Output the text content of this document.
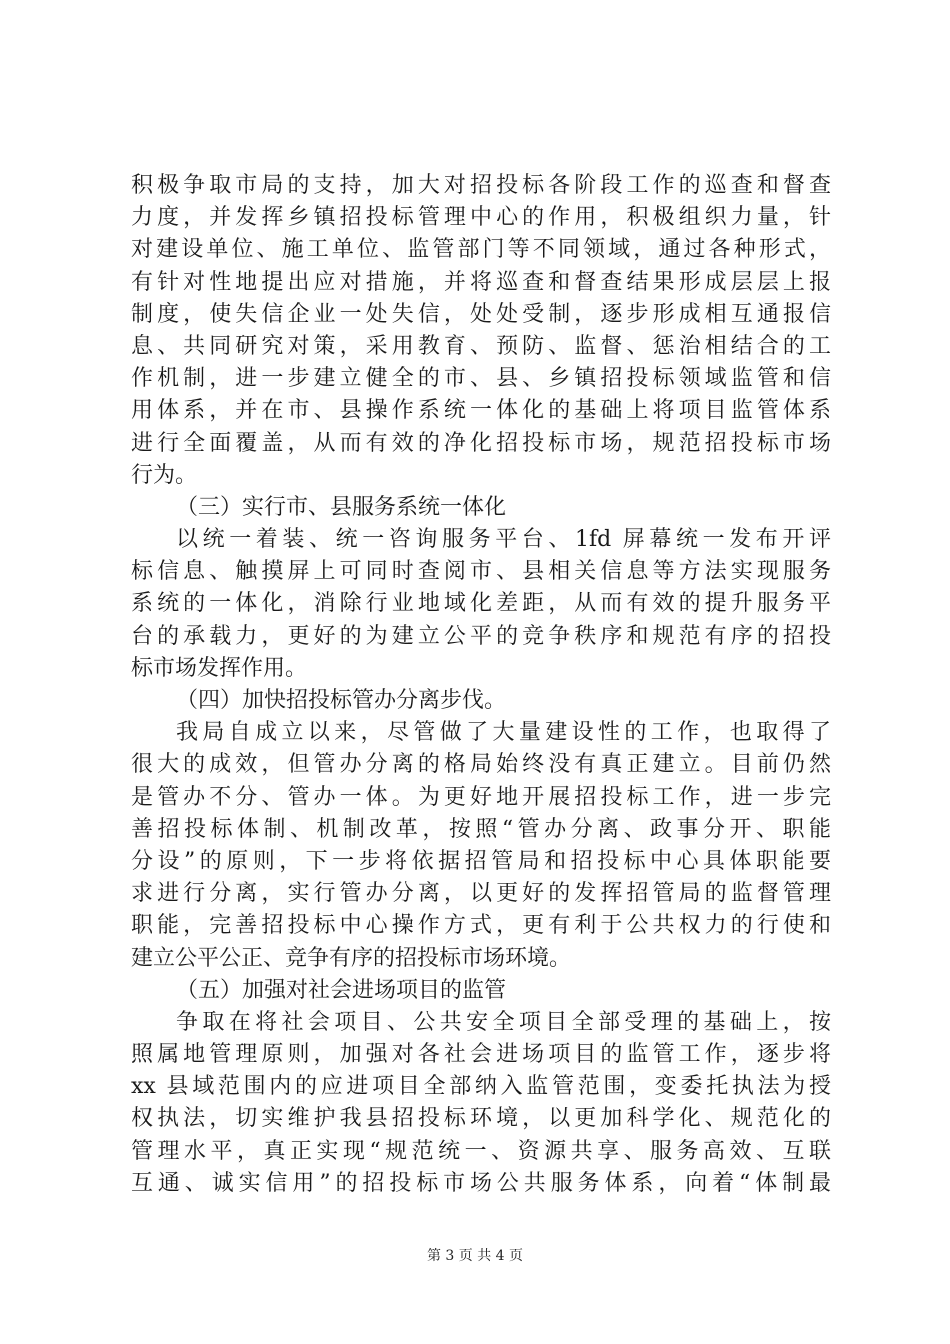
积极争取市局的支持，加大对招投标各阶段工作的巡查和督查
力度，并发挥乡镇招投标管理中心的作用，积极组织力量，针
对建设单位、施工单位、监管部门等不同领域，通过各种形式，
有针对性地提出应对措施，并将巡查和督查结果形成层层上报
制度，使失信企业一处失信，处处受制，逐步形成相互通报信
息、共同研究对策，采用教育、预防、监督、惩治相结合的工
作机制，进一步建立健全的市、县、乡镇招投标领域监管和信
用体系，并在市、县操作系统一体化的基础上将项目监管体系
进行全面覆盖，从而有效的净化招投标市场，规范招投标市场
行为。
（三）实行市、县服务系统一体化
以统一着装、统一咨询服务平台、1fd 屏幕统一发布开评
标信息、触摸屏上可同时查阅市、县相关信息等方法实现服务
系统的一体化，消除行业地域化差距，从而有效的提升服务平
台的承载力，更好的为建立公平的竞争秩序和规范有序的招投
标市场发挥作用。
（四）加快招投标管办分离步伐。
我局自成立以来，尽管做了大量建设性的工作，也取得了
很大的成效，但管办分离的格局始终没有真正建立。目前仍然
是管办不分、管办一体。为更好地开展招投标工作，进一步完
善招投标体制、机制改革，按照“管办分离、政事分开、职能
分设”的原则，下一步将依据招管局和招投标中心具体职能要
求进行分离，实行管办分离，以更好的发挥招管局的监督管理
职能，完善招投标中心操作方式，更有利于公共权力的行使和
建立公平公正、竞争有序的招投标市场环境。
（五）加强对社会进场项目的监管
争取在将社会项目、公共安全项目全部受理的基础上，按
照属地管理原则，加强对各社会进场项目的监管工作，逐步将
xx 县域范围内的应进项目全部纳入监管范围，变委托执法为授
权执法，切实维护我县招投标环境，以更加科学化、规范化的
管理水平，真正实现“规范统一、资源共享、服务高效、互联
互通、诚实信用”的招投标市场公共服务体系，向着“体制最
第 3 页 共 4 页
